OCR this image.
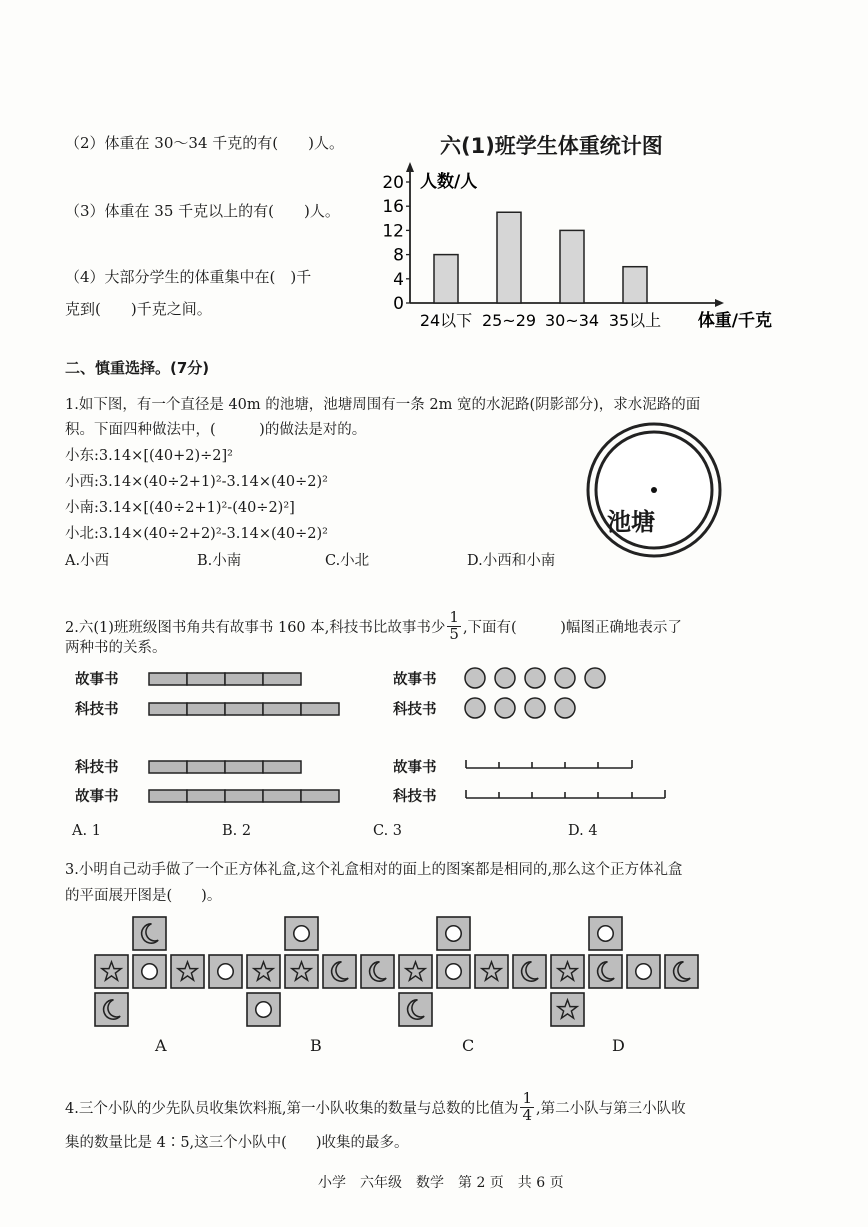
（2）体重在 30～34 千克的有(　　)人。
（3）体重在 35 千克以上的有(　　)人。
（4）大部分学生的体重集中在(　)千
克到(　　)千克之间。
六(1)班学生体重统计图
0
4
8
12
16
20 人数/人
24以下 25~29 30~34 35以上 体重/千克
二、慎重选择。(7分)
1.如下图，有一个直径是 40m 的池塘，池塘周围有一条 2m 宽的水泥路(阴影部分)，求水泥路的面
积。下面四种做法中，(　　　)的做法是对的。
小东:3.14×[(40+2)÷2]²
小西:3.14×(40÷2+1)²-3.14×(40÷2)²
小南:3.14×[(40÷2+1)²-(40÷2)²]
小北:3.14×(40÷2+2)²-3.14×(40÷2)²
A.小西	B.小南	C.小北	D.小西和小南
池塘
2.六(1)班班级图书角共有故事书 160 本,科技书比故事书少 $\frac{1}{5}$ ,下面有(　　　)幅图正确地表示了
两种书的关系。
故事书
科技书
故事书
科技书
科技书
故事书
故事书
科技书
A. 1	B. 2	C. 3	D. 4
3.小明自己动手做了一个正方体礼盒,这个礼盒相对的面上的图案都是相同的,那么这个正方体礼盒
的平面展开图是(　　)。
A	B	C	D
4.三个小队的少先队员收集饮料瓶,第一小队收集的数量与总数的比值为 $\frac{1}{4}$ ,第二小队与第三小队收
集的数量比是 4∶5,这三个小队中(　　)收集的最多。
小学　六年级　数学　第 2 页　共 6 页
